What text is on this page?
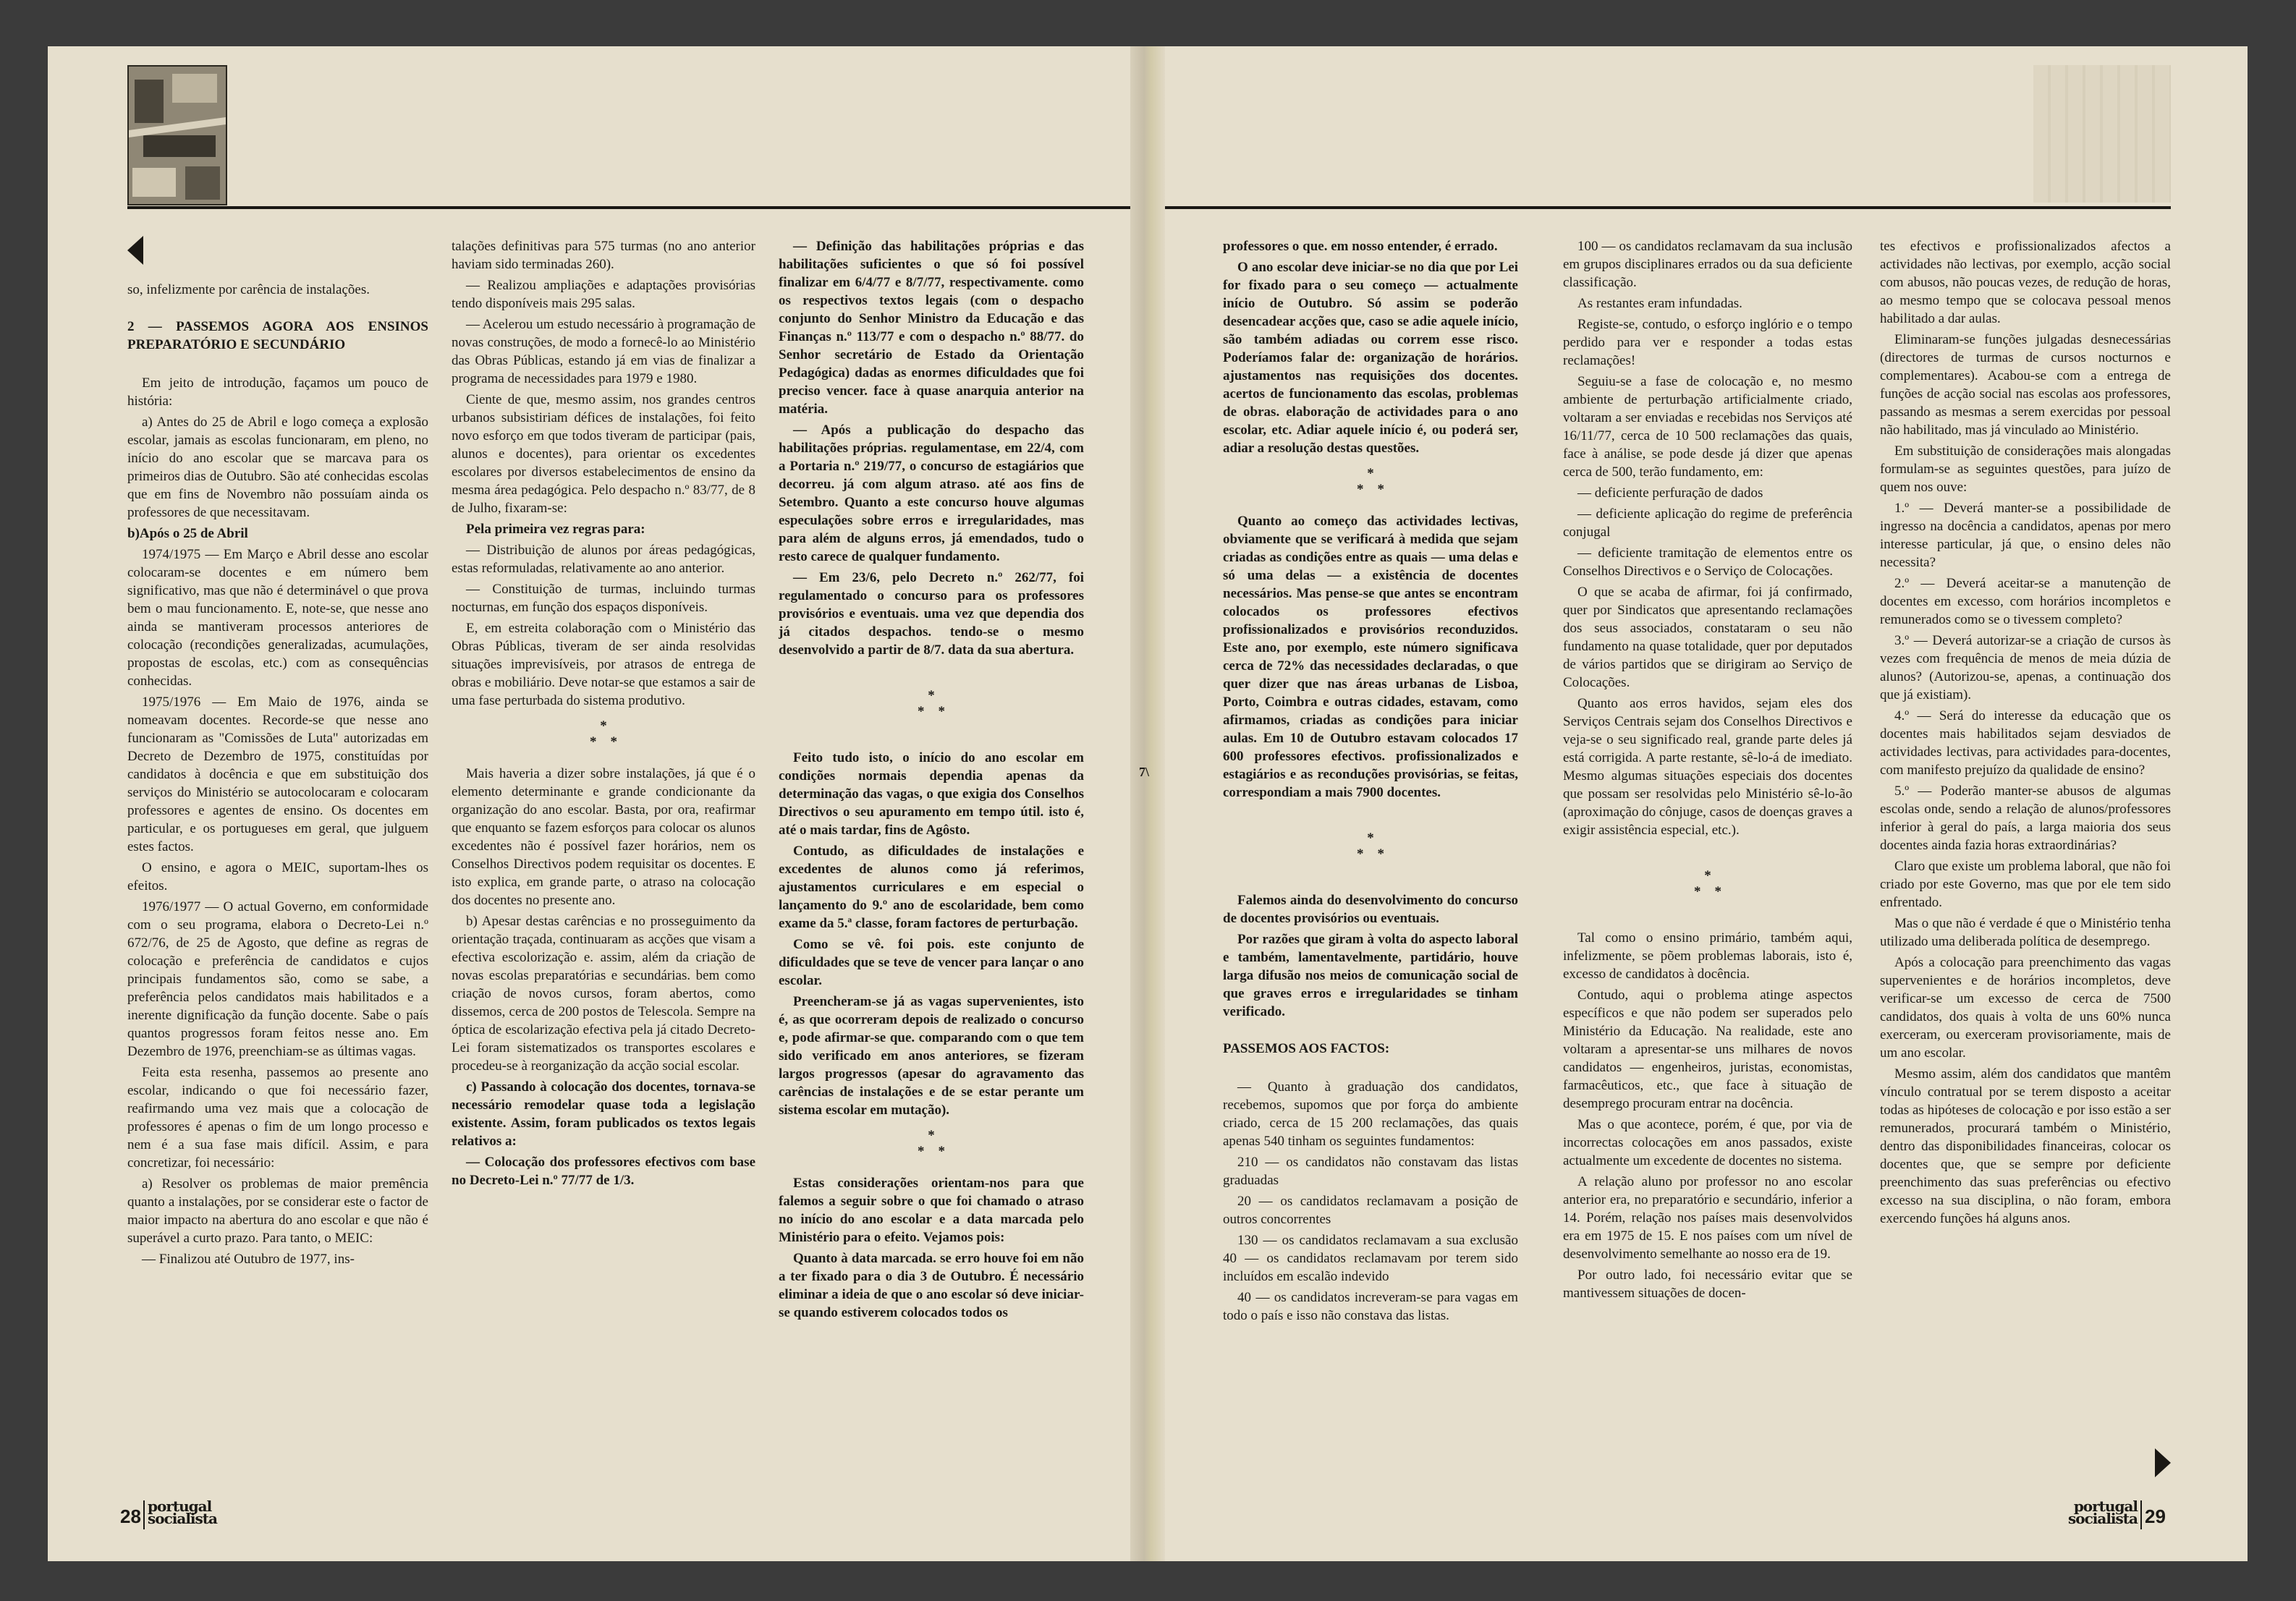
so, infelizmente por carência de instalações.

2 — PASSEMOS AGORA AOS ENSINOS PREPARATÓRIO E SECUNDÁRIO

Em jeito de introdução, façamos um pouco de história:

a) Antes do 25 de Abril e logo começa a explosão escolar, jamais as escolas funcionaram, em pleno, no início do ano escolar que se marcava para os primeiros dias de Outubro. São até conhecidas escolas que em fins de Novembro não possuíam ainda os professores de que necessitavam.

b)Após o 25 de Abril

1974/1975 — Em Março e Abril desse ano escolar colocaram-se docentes e em número bem significativo, mas que não é determinável o que prova bem o mau funcionamento. E, note-se, que nesse ano ainda se mantiveram processos anteriores de colocação (recondições generalizadas, acumulações, propostas de escolas, etc.) com as consequências conhecidas.

1975/1976 — Em Maio de 1976, ainda se nomeavam docentes. Recorde-se que nesse ano funcionaram as "Comissões de Luta" autorizadas em Decreto de Dezembro de 1975, constituídas por candidatos à docência e que em substituição dos serviços do Ministério se autocolocaram e colocaram professores e agentes de ensino. Os docentes em particular, e os portugueses em geral, que julguem estes factos.

O ensino, e agora o MEIC, suportam-lhes os efeitos.

1976/1977 — O actual Governo, em conformidade com o seu programa, elabora o Decreto-Lei n.º 672/76, de 25 de Agosto, que define as regras de colocação e preferência de candidatos e cujos principais fundamentos são, como se sabe, a preferência pelos candidatos mais habilitados e a inerente dignificação da função docente. Sabe o país quantos progressos foram feitos nesse ano. Em Dezembro de 1976, preenchiam-se as últimas vagas.

Feita esta resenha, passemos ao presente ano escolar, indicando o que foi necessário fazer, reafirmando uma vez mais que a colocação de professores é apenas o fim de um longo processo e nem é a sua fase mais difícil. Assim, e para concretizar, foi necessário:

a) Resolver os problemas de maior premência quanto a instalações, por se considerar este o factor de maior impacto na abertura do ano escolar e que não é superável a curto prazo. Para tanto, o MEIC:

— Finalizou até Outubro de 1977, ins-

talações definitivas para 575 turmas (no ano anterior haviam sido terminadas 260).

— Realizou ampliações e adaptações provisórias tendo disponíveis mais 295 salas.

— Acelerou um estudo necessário à programação de novas construções, de modo a fornecê-lo ao Ministério das Obras Públicas, estando já em vias de finalizar a programa de necessidades para 1979 e 1980.

Ciente de que, mesmo assim, nos grandes centros urbanos subsistiriam défices de instalações, foi feito novo esforço em que todos tiveram de participar (pais, alunos e docentes), para orientar os excedentes escolares por diversos estabelecimentos de ensino da mesma área pedagógica. Pelo despacho n.º 83/77, de 8 de Julho, fixaram-se:

Pela primeira vez regras para:

— Distribuição de alunos por áreas pedagógicas, estas reformuladas, relativamente ao ano anterior.

— Constituição de turmas, incluindo turmas nocturnas, em função dos espaços disponíveis.

E, em estreita colaboração com o Ministério das Obras Públicas, tiveram de ser ainda resolvidas situações imprevisíveis, por atrasos de entrega de obras e mobiliário. Deve notar-se que estamos a sair de uma fase perturbada do sistema produtivo.

*
*    *

Mais haveria a dizer sobre instalações, já que é o elemento determinante e grande condicionante da organização do ano escolar. Basta, por ora, reafirmar que enquanto se fazem esforços para colocar os alunos excedentes não é possível fazer horários, nem os Conselhos Directivos podem requisitar os docentes. E isto explica, em grande parte, o atraso na colocação dos docentes no presente ano.

b) Apesar destas carências e no prosseguimento da orientação traçada, continuaram as acções que visam a efectiva escolorização e. assim, além da criação de novas escolas preparatórias e secundárias. bem como criação de novos cursos, foram abertos, como dissemos, cerca de 200 postos de Telescola. Sempre na óptica de escolarização efectiva pela já citado Decreto-Lei foram sistematizados os transportes escolares e procedeu-se à reorganização da acção social escolar.

c) Passando à colocação dos docentes, tornava-se necessário remodelar quase toda a legislação existente. Assim, foram publicados os textos legais relativos a:

— Colocação dos professores efectivos com base no Decreto-Lei n.º 77/77 de 1/3.

— Definição das habilitações próprias e das habilitações suficientes o que só foi possível finalizar em 6/4/77 e 8/7/77, respectivamente. como os respectivos textos legais (com o despacho conjunto do Senhor Ministro da Educação e das Finanças n.º 113/77 e com o despacho n.º 88/77. do Senhor secretário de Estado da Orientação Pedagógica) dadas as enormes dificuldades que foi preciso vencer. face à quase anarquia anterior na matéria.

— Após a publicação do despacho das habilitações próprias. regulamentase, em 22/4, com a Portaria n.º 219/77, o concurso de estagiários que decorreu. já com algum atraso. até aos fins de Setembro. Quanto a este concurso houve algumas especulações sobre erros e irregularidades, mas para além de alguns erros, já emendados, tudo o resto carece de qualquer fundamento.

— Em 23/6, pelo Decreto n.º 262/77, foi regulamentado o concurso para os professores provisórios e eventuais. uma vez que dependia dos já citados despachos. tendo-se o mesmo desenvolvido a partir de 8/7. data da sua abertura.

*
*    *

Feito tudo isto, o início do ano escolar em condições normais dependia apenas da determinação das vagas, o que exigia dos Conselhos Directivos o seu apuramento em tempo útil. isto é, até o mais tardar, fins de Agôsto.

Contudo, as dificuldades de instalações e excedentes de alunos como já referimos, ajustamentos curriculares e em especial o lançamento do 9.º ano de escolaridade, bem como exame da 5.ª classe, foram factores de perturbação.

Como se vê. foi pois. este conjunto de dificuldades que se teve de vencer para lançar o ano escolar.

Preencheram-se já as vagas supervenientes, isto é, as que ocorreram depois de realizado o concurso e, pode afirmar-se que. comparando com o que tem sido verificado em anos anteriores, se fizeram largos progressos (apesar do agravamento das carências de instalações e de se estar perante um sistema escolar em mutação).

*
*    *

Estas considerações orientam-nos para que falemos a seguir sobre o que foi chamado o atraso no início do ano escolar e a data marcada pelo Ministério para o efeito. Vejamos pois:

Quanto à data marcada. se erro houve foi em não a ter fixado para o dia 3 de Outubro. É necessário eliminar a ideia de que o ano escolar só deve iniciar-se quando estiverem colocados todos os

professores o que. em nosso entender, é errado.

O ano escolar deve iniciar-se no dia que por Lei for fixado para o seu começo — actualmente início de Outubro. Só assim se poderão desencadear acções que, caso se adie aquele início, são também adiadas ou correm esse risco. Poderíamos falar de: organização de horários. ajustamentos nas requisições dos docentes. acertos de funcionamento das escolas, problemas de obras. elaboração de actividades para o ano escolar, etc. Adiar aquele início é, ou poderá ser, adiar a resolução destas questões.

*
*    *

Quanto ao começo das actividades lectivas, obviamente que se verificará à medida que sejam criadas as condições entre as quais — uma delas e só uma delas — a existência de docentes necessários. Mas pense-se que antes se encontram colocados os professores efectivos profissionalizados e provisórios reconduzidos. Este ano, por exemplo, este número significava cerca de 72% das necessidades declaradas, o que quer dizer que nas áreas urbanas de Lisboa, Porto, Coimbra e outras cidades, estavam, como afirmamos, criadas as condições para iniciar aulas. Em 10 de Outubro estavam colocados 17 600 professores efectivos. profissionalizados e estagiários e as reconduções provisórias, se feitas, correspondiam a mais 7900 docentes.

*
*    *

Falemos ainda do desenvolvimento do concurso de docentes provisórios ou eventuais.

Por razões que giram à volta do aspecto laboral e também, lamentavelmente, partidário, houve larga difusão nos meios de comunicação social de que graves erros e irregularidades se tinham verificado.

PASSEMOS AOS FACTOS:

— Quanto à graduação dos candidatos, recebemos, supomos que por força do ambiente criado, cerca de 15 200 reclamações, das quais apenas 540 tinham os seguintes fundamentos:

210 — os candidatos não constavam das listas graduadas

20 — os candidatos reclamavam a posição de outros concorrentes

130 — os candidatos reclamavam a sua exclusão 40 — os candidatos reclamavam por terem sido incluídos em escalão indevido

40 — os candidatos increveram-se para vagas em todo o país e isso não constava das listas.

100 — os candidatos reclamavam da sua inclusão em grupos disciplinares errados ou da sua deficiente classificação.

As restantes eram infundadas.

Registe-se, contudo, o esforço inglório e o tempo perdido para ver e responder a todas estas reclamações!

Seguiu-se a fase de colocação e, no mesmo ambiente de perturbação artificialmente criado, voltaram a ser enviadas e recebidas nos Serviços até 16/11/77, cerca de 10 500 reclamações das quais, face à análise, se pode desde já dizer que apenas cerca de 500, terão fundamento, em:

— deficiente perfuração de dados

— deficiente aplicação do regime de preferência conjugal

— deficiente tramitação de elementos entre os Conselhos Directivos e o Serviço de Colocações.

O que se acaba de afirmar, foi já confirmado, quer por Sindicatos que apresentando reclamações dos seus associados, constataram o seu não fundamento na quase totalidade, quer por deputados de vários partidos que se dirigiram ao Serviço de Colocações.

Quanto aos erros havidos, sejam eles dos Serviços Centrais sejam dos Conselhos Directivos e veja-se o seu significado real, grande parte deles já está corrigida. A parte restante, sê-lo-á de imediato. Mesmo algumas situações especiais dos docentes que possam ser resolvidas pelo Ministério sê-lo-ão (aproximação do cônjuge, casos de doenças graves a exigir assistência especial, etc.).

*
*    *

Tal como o ensino primário, também aqui, infelizmente, se põem problemas laborais, isto é, excesso de candidatos à docência.

Contudo, aqui o problema atinge aspectos específicos e que não podem ser superados pelo Ministério da Educação. Na realidade, este ano voltaram a apresentar-se uns milhares de novos candidatos — engenheiros, juristas, economistas, farmacêuticos, etc., que face à situação de desemprego procuram entrar na docência.

Mas o que acontece, porém, é que, por via de incorrectas colocações em anos passados, existe actualmente um excedente de docentes no sistema.

A relação aluno por professor no ano escolar anterior era, no preparatório e secundário, inferior a 14. Porém, relação nos países mais desenvolvidos era em 1975 de 15. E nos países com um nível de desenvolvimento semelhante ao nosso era de 19.

Por outro lado, foi necessário evitar que se mantivessem situações de docen-

tes efectivos e profissionalizados afectos a actividades não lectivas, por exemplo, acção social com abusos, não poucas vezes, de redução de horas, ao mesmo tempo que se colocava pessoal menos habilitado a dar aulas.

Eliminaram-se funções julgadas desnecessárias (directores de turmas de cursos nocturnos e complementares). Acabou-se com a entrega de funções de acção social nas escolas aos professores, passando as mesmas a serem exercidas por pessoal não habilitado, mas já vinculado ao Ministério.

Em substituição de considerações mais alongadas formulam-se as seguintes questões, para juízo de quem nos ouve:

1.º — Deverá manter-se a possibilidade de ingresso na docência a candidatos, apenas por mero interesse particular, já que, o ensino deles não necessita?

2.º — Deverá aceitar-se a manutenção de docentes em excesso, com horários incompletos e remunerados como se o tivessem completo?

3.º — Deverá autorizar-se a criação de cursos às vezes com frequência de menos de meia dúzia de alunos? (Autorizou-se, apenas, a continuação dos que já existiam).

4.º — Será do interesse da educação que os docentes mais habilitados sejam desviados de actividades lectivas, para actividades para-docentes, com manifesto prejuízo da qualidade de ensino?

5.º — Poderão manter-se abusos de algumas escolas onde, sendo a relação de alunos/professores inferior à geral do país, a larga maioria dos seus docentes ainda fazia horas extraordinárias?

Claro que existe um problema laboral, que não foi criado por este Governo, mas que por ele tem sido enfrentado.

Mas o que não é verdade é que o Ministério tenha utilizado uma deliberada política de desemprego.

Após a colocação para preenchimento das vagas supervenientes e de horários incompletos, deve verificar-se um excesso de cerca de 7500 candidatos, dos quais à volta de uns 60% nunca exerceram, ou exerceram provisoriamente, mais de um ano escolar.

Mesmo assim, além dos candidatos que mantêm vínculo contratual por se terem disposto a aceitar todas as hipóteses de colocação e por isso estão a ser remunerados, procurará também o Ministério, dentro das disponibilidades financeiras, colocar os docentes que, que se sempre por deficiente preenchimento das suas preferências ou efectivo excesso na sua disciplina, o não foram, embora exercendo funções há alguns anos.

7\
28 portugal
socialista
portugal
socialista 29
